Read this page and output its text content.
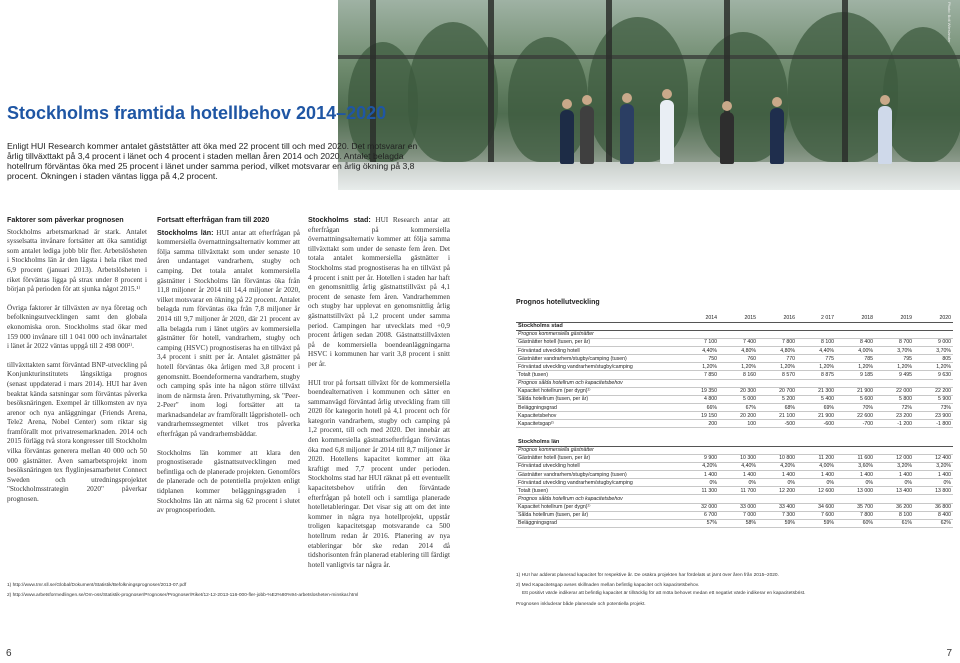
Photo: Bolt Wieslander
Stockholms framtida hotellbehov 2014–2020

Enligt HUI Research kommer antalet gäststätter att öka med 22 procent till och med 2020. Det motsvarar en årlig tillväxttakt på 3,4 procent i länet och 4 procent i staden mellan åren 2014 och 2020. Antalet belagda hotellrum förväntas öka med 25 procent i länet under samma period, vilket motsvarar en årlig ökning på 3,8 procent. Ökningen i staden väntas ligga på 4,2 procent.

Faktorer som påverkar prognosen

Stockholms arbetsmarknad är stark. Antalet sysselsatta invånare fortsätter att öka samtidigt som antalet lediga jobb blir fler. Arbetslösheten i Stockholms län är den lägsta i hela riket med 6,9 procent (januari 2013). Arbetslösheten i riket förväntas ligga på strax under 8 procent i början på perioden för att sjunka något 2015.¹⁾

Övriga faktorer är tillväxten av nya företag och befolkningsutvecklingen samt den globala ekonomiska oron. Stockholms stad ökar med 159 000 invånare till 1 041 000 och invånartalet i länet år 2022 väntas uppgå till 2 498 000²⁾.

tillväxttakten samt förväntad BNP-utveckling på Konjunkturinstitutets långsiktiga prognos (senast uppdaterad i mars 2014). HUI har även beaktat kända satsningar som förväntas påverka besöksnäringen. Exempel är tillkomsten av nya arenor och nya anläggningar (Friends Arena, Tele2 Arena, Nobel Center) som riktar sig framförallt mot privatresemarknaden. 2014 och 2015 förlägg två stora kongresser till Stockholm vilka förväntas generera mellan 40 000 och 50 000 gästnätter. Även samarbetsprojekt inom besöksnäringen tex flyglinjesamarbetet Connect Sweden och utredningsprojektet "Stockholmsstrategin 2020" påverkar prognosen.

Fortsatt efterfrågan fram till 2020

Stockholms län: HUI antar att efterfrågan på kommersiella övernattningsalternativ kommer att följa samma tillväxttakt som under senaste 10 åren undantaget vandrarhem, stugby och camping. Det totala antalet kommersiella gästnätter i Stockholms län förväntas öka från 11,8 miljoner år 2014 till 14,4 miljoner år 2020, vilket motsvarar en ökning på 22 procent. Antalet belagda rum förväntas öka från 7,8 miljoner år 2014 till 9,7 miljoner år 2020, där 21 procent av alla belagda rum i länet utgörs av kommersiella gästnätter för hotell, vandrarhem, stugby och camping (HSVC) prognostiseras ha en tillväxt på 3,4 procent i snitt per år. Antalet gästnätter på hotell förväntas öka årligen med 3,8 procent i genomsnitt. Boendeformerna vandrarhem, stugby och camping spås inte ha någon större tillväxt inom de närmsta åren. Privatuthyrning, sk "Peer-2-Peer" inom logi fortsätter att ta marknadsandelar av framförallt lågprishotell- och vandrarhemssegmentet vilket tros påverka efterfrågan på vandrarhemsbäddar.

Stockholms län kommer att klara den prognostiserade gästnattsutvecklingen med befintliga och de planerade projekten. Genomförs de planerade och de potentiella projekten enligt tidplanen kommer beläggningsgraden i Stockholms län att närma sig 62 procent i slutet av prognosperioden.

Stockholms stad: HUI Research antar att efterfrågan på kommersiella övernattningsalternativ kommer att följa samma tillväxttakt som under de senaste fem åren. Det totala antalet kommersiella gästnätter i Stockholms stad prognostiseras ha en tillväxt på 4 procent i snitt per år. Hotellen i staden har haft en genomsnittlig årlig gästnattstillväxt på 4,1 procent de senaste fem åren. Vandrarhemmen och stugby har upplevat en genomsnittlig årlig gästnattstillväxt på 1,2 procent under samma period. Campingen har utvecklats med +0,9 procent årligen sedan 2008. Gästnattstillväxten på de kommersiella boendeanläggningarna HSVC i kommunen har varit 3,8 procent i snitt per år.

HUI tror på fortsatt tillväxt för de kommersiella boendealternativen i kommunen och sätter en sammanvägd förväntad årlig utveckling fram till 2020 för kategorin hotell på 4,1 procent och för kategorin vandrarhem, stugby och camping på 1,2 procent, till och med 2020. Det innebär att den kommersiella gästnattsefterfrågan förväntas öka med 6,8 miljoner år 2014 till 8,7 miljoner år 2020. Hotellens kapacitet kommer att öka kraftigt med 7,7 procent under perioden. Stockholms stad har HUI räknat på ett eventuellt kapacitetsbehov utifrån den förväntade efterfrågan på hotell och i samtliga planerade hotelletableringar. Det visar sig att om det inte kommer in några nya hotellprojekt, uppstår troligen kapacitetsgap motsvarande ca 500 hotellrum redan år 2016. Planering av nya etableringar bör ske redan 2014 då tidshorisonten från planerad etablering till färdigt hotell vanligtvis tar några år.

Prognos hotellutveckling
	2014	2015	2016	2 017	2018	2019	2020
Stockholms stad							
Prognos kommersiella gästnätter							
Gästnätter hotell (tusen, per år)	7 100	7 400	7 800	8 100	8 400	8 700	9 000
Förväntad utveckling hotell	4,40%	4,80%	4,80%	4,40%	4,00%	3,70%	3,70%
Gästnätter vandrarhem/stugby/camping (tusen)	750	760	770	775	785	795	805
Förväntad utveckling vandrarhem/stugby/camping	1,20%	1,20%	1,20%	1,20%	1,20%	1,20%	1,20%
Totalt (tusen)	7 850	8 160	8 570	8 875	9 185	9 495	9 630
Prognos sålda hotellrum och kapacitetsbehov							
Kapacitet hotellrum (per dygn)¹⁾	19 350	20 300	20 700	21 300	21 900	22 000	22 200
Sålda hotellrum (tusen, per år)	4 800	5 000	5 200	5 400	5 600	5 800	5 900
Beläggningsgrad	66%	67%	68%	69%	70%	72%	73%
Kapacitetsbehov	19 150	20 200	21 100	21 900	22 600	23 200	23 900
Kapacitetsgap²⁾	200	100	-500	-600	-700	-1 200	-1 800

Stockholms län							
Prognos kommersiella gästnätter							
Gästnätter hotell (tusen, per år)	9 900	10 300	10 800	11 200	11 600	12 000	12 400
Förväntad utveckling hotell	4,20%	4,40%	4,20%	4,00%	3,60%	3,20%	3,20%
Gästnätter vandrarhem/stugby/camping (tusen)	1 400	1 400	1 400	1 400	1 400	1 400	1 400
Förväntad utveckling vandrarhem/stugby/camping	0%	0%	0%	0%	0%	0%	0%
Totalt (tusen)	11 300	11 700	12 200	12 600	13 000	13 400	13 800
Prognos sålda hotellrum och kapacitetsbehov							
Kapacitet hotellrum (per dygn)¹⁾	32 000	33 000	33 400	34 600	35 700	36 200	36 800
Sålda hotellrum (tusen, per år)	6 700	7 000	7 300	7 600	7 800	8 100	8 400
Beläggningsgrad	57%	58%	59%	59%	60%	61%	62%

1) HUI har adderat planerad kapacitet för respektive år. De osäkra projekten har fördelats ut jämt över åren från 2015–2020.

2) Med Kapacitetsgap avses skillnaden mellan befintlig kapacitet och kapacitetsbehov.

Ett positivt värde indikerar att befintlig kapacitet är tillräcklig för att möta behovet medan ett negativt värde indikerar en kapacitetsbrist.

Prognosen inkluderar både planerade och potentiella projekt.

1) http://www.tmr.sll.se/Global/Dokument/Statistik/Befolkningsprognoser/2013-07.pdf
2) http://www.arbetsformedlingen.se/Om-oss/Statistik-prognoser/Prognoser/Prognoser/Riket/12-12-2013-116-000-fler-jobb-%E2%80%94-arbetslosheten-minskar.html
6	7
